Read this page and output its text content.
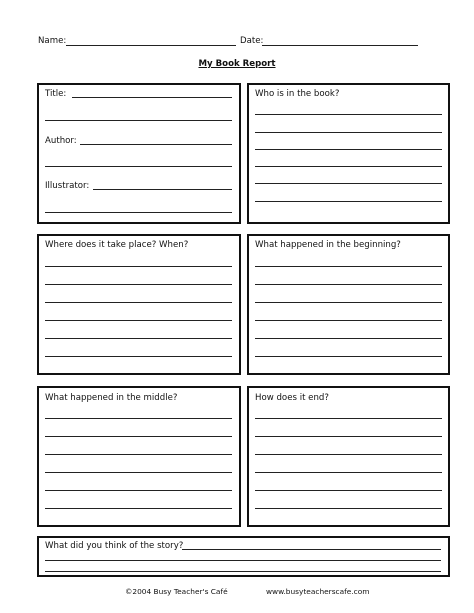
Name:	Date:
My Book Report
Title:
Author:
Illustrator:
Who is in the book?
Where does it take place? When?	What happened in the beginning?
What happened in the middle?	How does it end?
What did you think of the story?
©2004 Busy Teacher's Café	www.busyteacherscafe.com
